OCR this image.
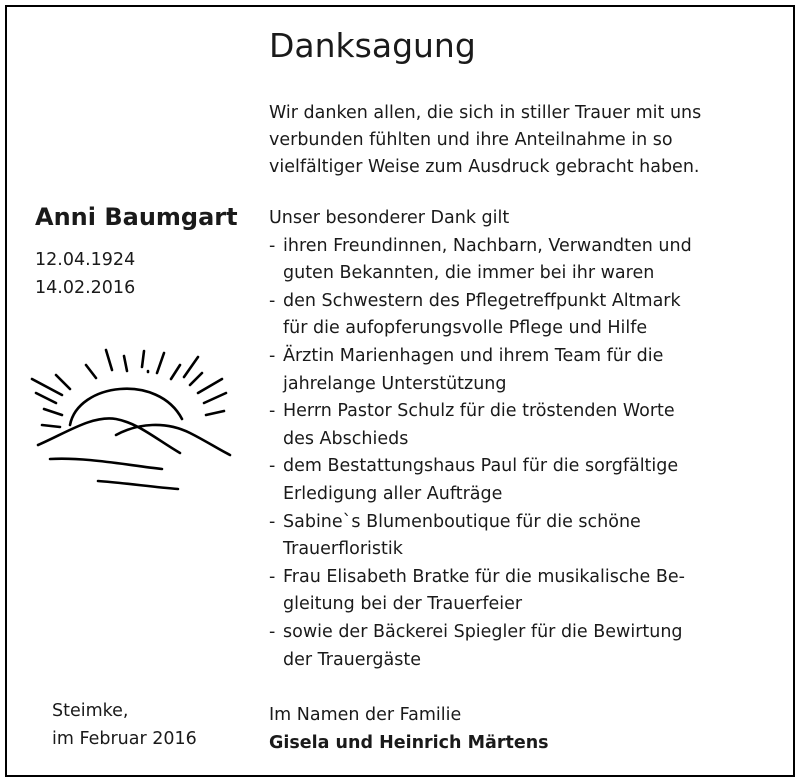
Danksagung

Wir danken allen, die sich in stiller Trauer mit uns
verbunden fühlten und ihre Anteilnahme in so
vielfältiger Weise zum Ausdruck gebracht haben.

Anni Baumgart
12.04.1924
14.02.2016
Unser besonderer Dank gilt
- ihren Freundinnen, Nachbarn, Verwandten und
guten Bekannten, die immer bei ihr waren
- den Schwestern des Pflegetreffpunkt Altmark
für die aufopferungsvolle Pflege und Hilfe
- Ärztin Marienhagen und ihrem Team für die
jahrelange Unterstützung
- Herrn Pastor Schulz für die tröstenden Worte
des Abschieds
- dem Bestattungshaus Paul für die sorgfältige
Erledigung aller Aufträge
- Sabine`s Blumenboutique für die schöne
Trauerfloristik
- Frau Elisabeth Bratke für die musikalische Be-
gleitung bei der Trauerfeier
- sowie der Bäckerei Spiegler für die Bewirtung
der Trauergäste
Steimke,
im Februar 2016
Im Namen der Familie
Gisela und Heinrich Märtens
